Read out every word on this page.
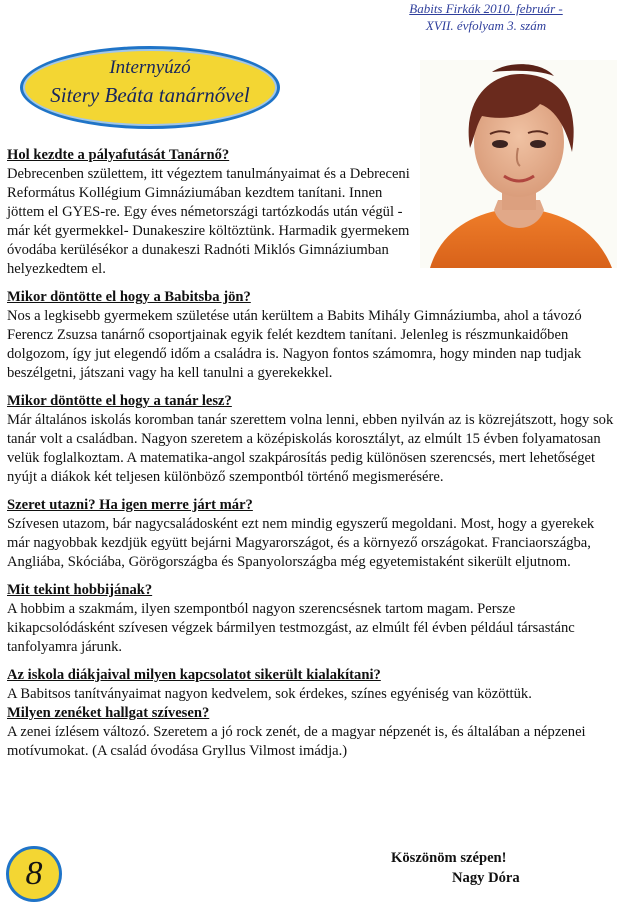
Babits Firkák 2010. február -
XVII. évfolyam 3. szám
Internyúzó
Sitery Beáta tanárnővel
Hol kezdte a pályafutását Tanárnő?
Debrecenben születtem, itt végeztem tanulmányaimat és a Debreceni Református Kollégium Gimnáziumában kezdtem tanítani. Innen jöttem el GYES-re. Egy éves németországi tartózkodás után végül - már két gyermekkel- Dunakeszire költöztünk. Harmadik gyermekem óvodába kerülésékor a dunakeszi Radnóti Miklós Gimnáziumban helyezkedtem el.
Mikor döntötte el hogy a Babitsba jön?
Nos a legkisebb gyermekem születése után kerültem a Babits Mihály Gimnáziumba, ahol a távozó Ferencz Zsuzsa tanárnő csoportjainak egyik felét kezdtem tanítani. Jelenleg is részmunkaidőben dolgozom, így jut elegendő időm a családra is. Nagyon fontos számomra, hogy minden nap tudjak beszélgetni, játszani vagy ha kell tanulni a gyerekekkel.
Mikor döntötte el hogy a tanár lesz?
Már általános iskolás koromban tanár szerettem volna lenni, ebben nyilván az is közrejátszott, hogy sok tanár volt a családban. Nagyon szeretem a középiskolás korosztályt, az elmúlt 15 évben folyamatosan velük foglalkoztam. A matematika-angol szakpárosítás pedig különösen szerencsés, mert lehetőséget nyújt a diákok két teljesen különböző szempontból történő megismerésére.
Szeret utazni? Ha igen merre járt már?
Szívesen utazom, bár nagycsaládosként ezt nem mindig egyszerű megoldani. Most, hogy a gyerekek már nagyobbak kezdjük együtt bejárni Magyarországot, és a környező országokat. Franciaországba, Angliába, Skóciába, Görögországba és Spanyolországba még egyetemistaként sikerült eljutnom.
Mit tekint hobbijának?
A hobbim a szakmám, ilyen szempontból nagyon szerencsésnek tartom magam. Persze kikapcsolódásként szívesen végzek bármilyen testmozgást, az elmúlt fél évben például társastánc tanfolyamra járunk.
Az iskola diákjaival milyen kapcsolatot sikerült kialakítani?
A Babitsos tanítványaimat nagyon kedvelem, sok érdekes, színes egyéniség van közöttük.
Milyen zenéket hallgat szívesen?
A zenei ízlésem változó. Szeretem a jó rock zenét, de a magyar népzenét is, és általában a népzenei motívumokat. (A család óvodása Gryllus Vilmost imádja.)
Köszönöm szépen!
Nagy Dóra
8
